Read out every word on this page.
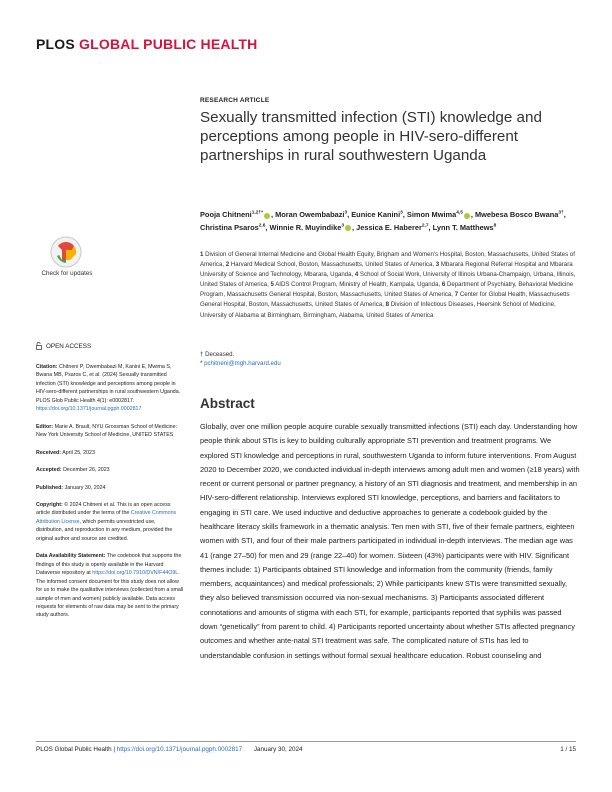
PLOS GLOBAL PUBLIC HEALTH
RESEARCH ARTICLE
Sexually transmitted infection (STI) knowledge and perceptions among people in HIV-sero-different partnerships in rural southwestern Uganda
Pooja Chitneni$^{1,2\dagger*}$ , Moran Owembabazi$^3$, Eunice Kanini$^3$, Simon Mwima$^{4,5}$ , Mwebesa Bosco Bwana$^{3\dagger}$, Christina Psaros$^{2,6}$, Winnie R. Muyindike$^3$ , Jessica E. Haberer$^{2,7}$, Lynn T. Matthews$^8$
1 Division of General Internal Medicine and Global Health Equity, Brigham and Women's Hospital, Boston, Massachusetts, United States of America, 2 Harvard Medical School, Boston, Massachusetts, United States of America, 3 Mbarara Regional Referral Hospital and Mbarara University of Science and Technology, Mbarara, Uganda, 4 School of Social Work, University of Illinois Urbana-Champaign, Urbana, Illinois, United States of America, 5 AIDS Control Program, Ministry of Health, Kampala, Uganda, 6 Department of Psychiatry, Behavioral Medicine Program, Massachusetts General Hospital, Boston, Massachusetts, United States of America, 7 Center for Global Health, Massachusetts General Hospital, Boston, Massachusetts, United States of America, 8 Division of Infectious Diseases, Heersink School of Medicine, University of Alabama at Birmingham, Birmingham, Alabama, United States of America
† Deceased.
* pchitneni@mgh.harvard.edu
Abstract

Globally, over one million people acquire curable sexually transmitted infections (STI) each day. Understanding how people think about STIs is key to building culturally appropriate STI prevention and treatment programs. We explored STI knowledge and perceptions in rural, southwestern Uganda to inform future interventions. From August 2020 to December 2020, we conducted individual in-depth interviews among adult men and women (≥18 years) with recent or current personal or partner pregnancy, a history of an STI diagnosis and treatment, and membership in an HIV-sero-different relationship. Interviews explored STI knowledge, perceptions, and barriers and facilitators to engaging in STI care. We used inductive and deductive approaches to generate a codebook guided by the healthcare literacy skills framework in a thematic analysis. Ten men with STI, five of their female partners, eighteen women with STI, and four of their male partners participated in individual in-depth interviews. The median age was 41 (range 27–50) for men and 29 (range 22–40) for women. Sixteen (43%) participants were with HIV. Significant themes include: 1) Participants obtained STI knowledge and information from the community (friends, family members, acquaintances) and medical professionals; 2) While participants knew STIs were transmitted sexually, they also believed transmission occurred via non-sexual mechanisms. 3) Participants associated different connotations and amounts of stigma with each STI, for example, participants reported that syphilis was passed down “genetically” from parent to child. 4) Participants reported uncertainty about whether STIs affected pregnancy outcomes and whether ante-natal STI treatment was safe. The complicated nature of STIs has led to understandable confusion in settings without formal sexual healthcare education. Robust counseling and

Check for updates
OPEN ACCESS

Citation: Chitneni P, Owembabazi M, Kanini E, Mwima S, Bwana MB, Psaros C, et al. (2024) Sexually transmitted infection (STI) knowledge and perceptions among people in HIV-sero-different partnerships in rural southwestern Uganda. PLOS Glob Public Health 4(1): e0002817. https://doi.org/10.1371/journal.pgph.0002817

Editor: Marie A. Brault, NYU Grossman School of Medicine: New York University School of Medicine, UNITED STATES

Received: April 25, 2023

Accepted: December 26, 2023

Published: January 30, 2024

Copyright: © 2024 Chitneni et al. This is an open access article distributed under the terms of the Creative Commons Attribution License, which permits unrestricted use, distribution, and reproduction in any medium, provided the original author and source are credited.

Data Availability Statement: The codebook that supports the findings of this study is openly available in the Harvard Dataverse repository at https://doi.org/10.7910/DVN/F44O9L. The informed consent document for this study does not allow for us to make the qualitative interviews (collected from a small sample of men and women) publicly available. Data access requests for elements of raw data may be sent to the primary study authors.

PLOS Global Public Health | https://doi.org/10.1371/journal.pgph.0002817 January 30, 2024	1 / 15
